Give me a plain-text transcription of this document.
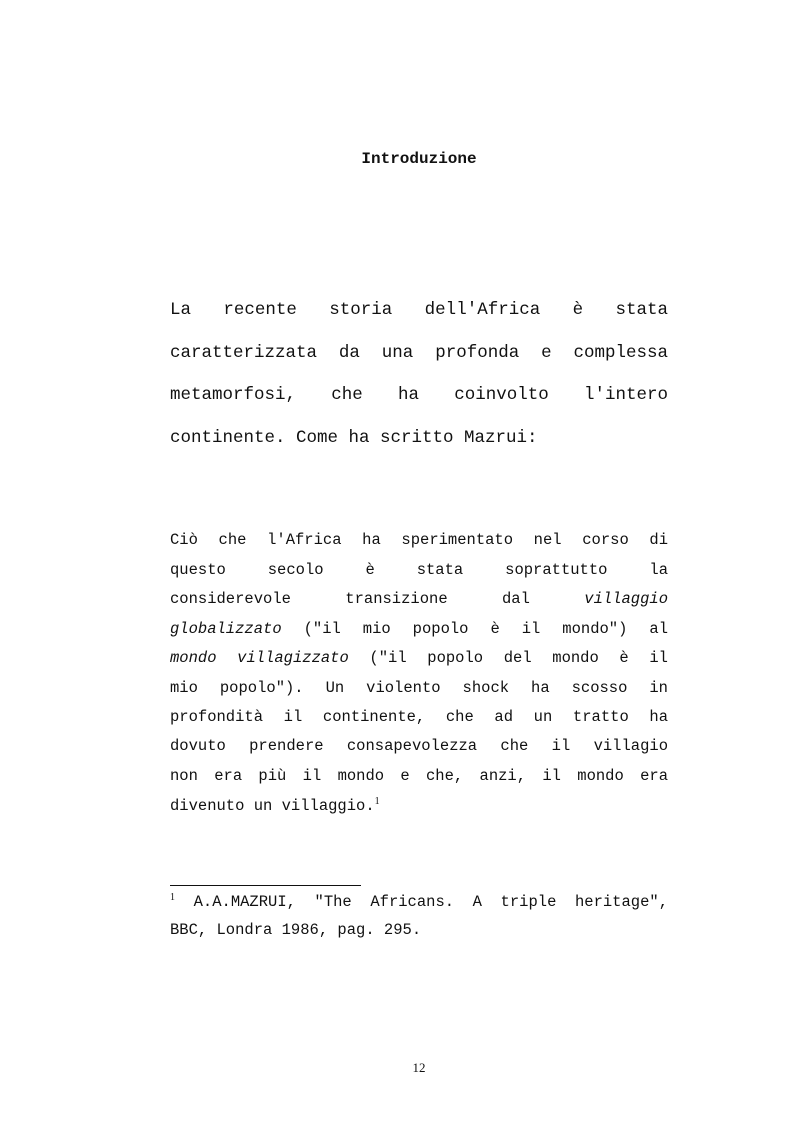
Introduzione
La recente storia dell'Africa è stata
caratterizzata da una profonda e complessa
metamorfosi, che ha coinvolto l'intero
continente. Come ha scritto Mazrui:
Ciò che l'Africa ha sperimentato nel corso di
questo secolo è stata soprattutto la
considerevole transizione dal villaggio
globalizzato ("il mio popolo è il mondo") al
mondo villagizzato ("il popolo del mondo è il
mio popolo"). Un violento shock ha scosso in
profondità il continente, che ad un tratto ha
dovuto prendere consapevolezza che il villagio
non era più il mondo e che, anzi, il mondo era
divenuto un villaggio.$^1$
$^1$ A.A.MAZRUI, "The Africans. A triple heritage",
BBC, Londra 1986, pag. 295.
12
